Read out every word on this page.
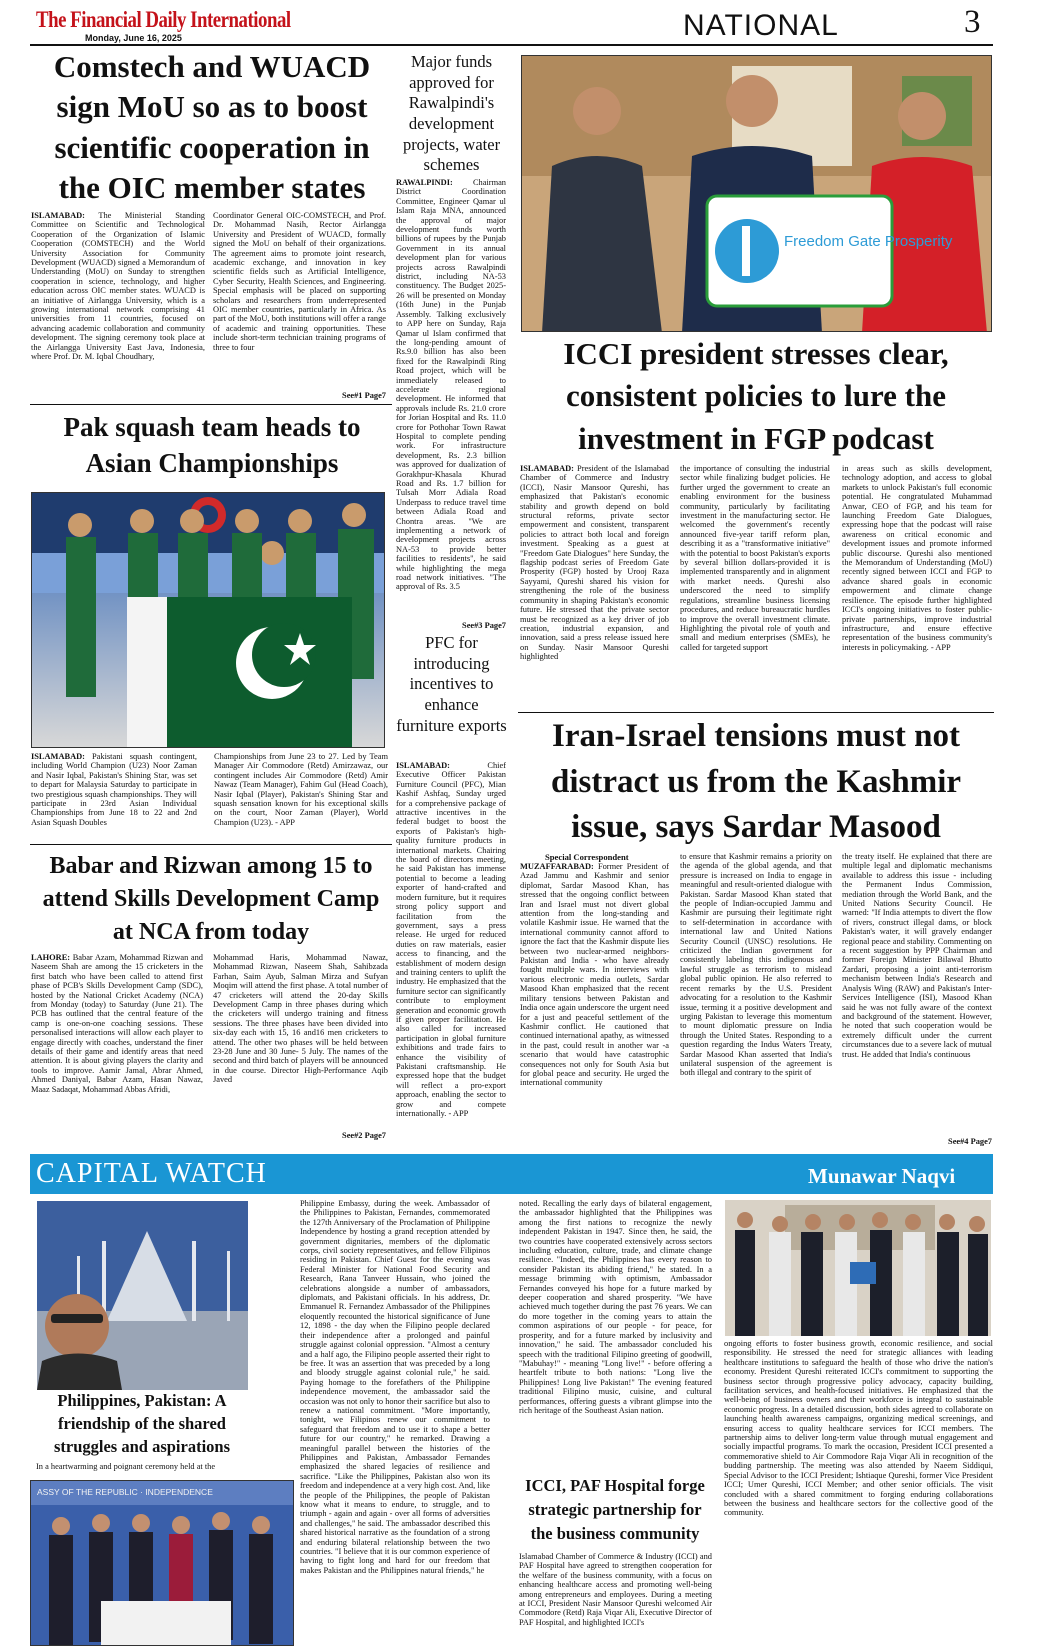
The Financial Daily International
Monday, June 16, 2025	NATIONAL	3
Comstech and WUACD sign MoU so as to boost scientific cooperation in the OIC member states
ISLAMABAD: The Ministerial Standing Committee on Scientific and Technological Cooperation of the Organization of Islamic Cooperation (COMSTECH) and the World University Association for Community Development (WUACD) signed a Memorandum of Understanding (MoU) on Sunday to strengthen cooperation in science, technology, and higher education across OIC member states. WUACD is an initiative of Airlangga University, which is a growing international network comprising 41 universities from 11 countries, focused on advancing academic collaboration and community development. The signing ceremony took place at the Airlangga University East Java, Indonesia, where Prof. Dr. M. Iqbal Choudhary,
Coordinator General OIC-COMSTECH, and Prof. Dr. Mohammad Nasih, Rector Airlangga University and President of WUACD, formally signed the MoU on behalf of their organizations. The agreement aims to promote joint research, academic exchange, and innovation in key scientific fields such as Artificial Intelligence, Cyber Security, Health Sciences, and Engineering. Special emphasis will be placed on supporting scholars and researchers from underrepresented OIC member countries, particularly in Africa. As part of the MoU, both institutions will offer a range of academic and training opportunities. These include short-term technician training programs of three to four
See#1 Page7
Pak squash team heads to Asian Championships
ISLAMABAD: Pakistani squash contingent, including World Champion (U23) Noor Zaman and Nasir Iqbal, Pakistan's Shining Star, was set to depart for Malaysia Saturday to participate in two prestigious squash championships. They will participate in 23rd Asian Individual Championships from June 18 to 22 and 2nd Asian Squash Doubles
Championships from June 23 to 27. Led by Team Manager Air Commodore (Retd) Amirzawaz, our contingent includes Air Commodore (Retd) Amir Nawaz (Team Manager), Fahim Gul (Head Coach), Nasir Iqbal (Player), Pakistan's Shining Star and squash sensation known for his exceptional skills on the court, Noor Zaman (Player), World Champion (U23). - APP
Babar and Rizwan among 15 to attend Skills Development Camp at NCA from today
LAHORE: Babar Azam, Mohammad Rizwan and Naseem Shah are among the 15 cricketers in the first batch who have been called to attend first phase of PCB's Skills Development Camp (SDC), hosted by the National Cricket Academy (NCA) from Monday (today) to Saturday (June 21). The PCB has outlined that the central feature of the camp is one-on-one coaching sessions. These personalised interactions will allow each player to engage directly with coaches, understand the finer details of their game and identify areas that need attention. It is about giving players the clarity and tools to improve. Aamir Jamal, Abrar Ahmed, Ahmed Daniyal, Babar Azam, Hasan Nawaz, Maaz Sadaqat, Mohammad Abbas Afridi,
Mohammad Haris, Mohammad Nawaz, Mohammad Rizwan, Naseem Shah, Sahibzada Farhan, Saim Ayub, Salman Mirza and Sufyan Moqim will attend the first phase. A total number of 47 cricketers will attend the 20-day Skills Development Camp in three phases during which the cricketers will undergo training and fitness sessions. The three phases have been divided into six-day each with 15, 16 and16 men cricketers to attend. The other two phases will be held between 23-28 June and 30 June- 5 July. The names of the second and third batch of players will be announced in due course. Director High-Performance Aqib Javed
See#2 Page7
Major funds approved for Rawalpindi's development projects, water schemes
RAWALPINDI: Chairman District Coordination Committee, Engineer Qamar ul Islam Raja MNA, announced the approval of major development funds worth billions of rupees by the Punjab Government in its annual development plan for various projects across Rawalpindi district, including NA-53 constituency. The Budget 2025-26 will be presented on Monday (16th June) in the Punjab Assembly. Talking exclusively to APP here on Sunday, Raja Qamar ul Islam confirmed that the long-pending amount of Rs.9.0 billion has also been fixed for the Rawalpindi Ring Road project, which will be immediately released to accelerate regional development. He informed that approvals include Rs. 21.0 crore for Jorian Hospital and Rs. 11.0 crore for Pothohar Town Rawat Hospital to complete pending work. For infrastructure development, Rs. 2.3 billion was approved for dualization of Gorakhpur-Khasala Khurad Road and Rs. 1.7 billion for Tulsah Morr Adiala Road Underpass to reduce travel time between Adiala Road and Chontra areas. "We are implementing a network of development projects across NA-53 to provide better facilities to residents", he said while highlighting the mega road network initiatives. "The approval of Rs. 3.5
See#3 Page7
PFC for introducing incentives to enhance furniture exports
ISLAMABAD: Chief Executive Officer Pakistan Furniture Council (PFC), Mian Kashif Ashfaq, Sunday urged for a comprehensive package of attractive incentives in the federal budget to boost the exports of Pakistan's high-quality furniture products in international markets. Chairing the board of directors meeting, he said Pakistan has immense potential to become a leading exporter of hand-crafted and modern furniture, but it requires strong policy support and facilitation from the government, says a press release. He urged for reduced duties on raw materials, easier access to financing, and the establishment of modern design and training centers to uplift the industry. He emphasized that the furniture sector can significantly contribute to employment generation and economic growth if given proper facilitation. He also called for increased participation in global furniture exhibitions and trade fairs to enhance the visibility of Pakistani craftsmanship. He expressed hope that the budget will reflect a pro-export approach, enabling the sector to grow and compete internationally. - APP
Freedom Gate Prosperity
ICCI president stresses clear, consistent policies to lure the investment in FGP podcast
ISLAMABAD: President of the Islamabad Chamber of Commerce and Industry (ICCI), Nasir Mansoor Qureshi, has emphasized that Pakistan's economic stability and growth depend on bold structural reforms, private sector empowerment and consistent, transparent policies to attract both local and foreign investment. Speaking as a guest at "Freedom Gate Dialogues" here Sunday, the flagship podcast series of Freedom Gate Prosperity (FGP) hosted by Urooj Raza Sayyami, Qureshi shared his vision for strengthening the role of the business community in shaping Pakistan's economic future. He stressed that the private sector must be recognized as a key driver of job creation, industrial expansion, and innovation, said a press release issued here on Sunday. Nasir Mansoor Qureshi highlighted
the importance of consulting the industrial sector while finalizing budget policies. He further urged the government to create an enabling environment for the business community, particularly by facilitating investment in the manufacturing sector. He welcomed the government's recently announced five-year tariff reform plan, describing it as a "transformative initiative" with the potential to boost Pakistan's exports by several billion dollars-provided it is implemented transparently and in alignment with market needs. Qureshi also underscored the need to simplify regulations, streamline business licensing procedures, and reduce bureaucratic hurdles to improve the overall investment climate. Highlighting the pivotal role of youth and small and medium enterprises (SMEs), he called for targeted support
in areas such as skills development, technology adoption, and access to global markets to unlock Pakistan's full economic potential. He congratulated Muhammad Anwar, CEO of FGP, and his team for launching Freedom Gate Dialogues, expressing hope that the podcast will raise awareness on critical economic and development issues and promote informed public discourse. Qureshi also mentioned the Memorandum of Understanding (MoU) recently signed between ICCI and FGP to advance shared goals in economic empowerment and climate change resilience. The episode further highlighted ICCI's ongoing initiatives to foster public-private partnerships, improve industrial infrastructure, and ensure effective representation of the business community's interests in policymaking. - APP
Iran-Israel tensions must not distract us from the Kashmir issue, says Sardar Masood
Special Correspondent
MUZAFFARABAD: Former President of Azad Jammu and Kashmir and senior diplomat, Sardar Masood Khan, has stressed that the ongoing conflict between Iran and Israel must not divert global attention from the long-standing and volatile Kashmir issue. He warned that the international community cannot afford to ignore the fact that the Kashmir dispute lies between two nuclear-armed neighbors- Pakistan and India - who have already fought multiple wars. In interviews with various electronic media outlets, Sardar Masood Khan emphasized that the recent military tensions between Pakistan and India once again underscore the urgent need for a just and peaceful settlement of the Kashmir conflict. He cautioned that continued international apathy, as witnessed in the past, could result in another war -a scenario that would have catastrophic consequences not only for South Asia but for global peace and security. He urged the international community
to ensure that Kashmir remains a priority on the agenda of the global agenda, and that pressure is increased on India to engage in meaningful and result-oriented dialogue with Pakistan. Sardar Masood Khan stated that the people of Indian-occupied Jammu and Kashmir are pursuing their legitimate right to self-determination in accordance with international law and United Nations Security Council (UNSC) resolutions. He criticized the Indian government for consistently labeling this indigenous and lawful struggle as terrorism to mislead global public opinion. He also referred to recent remarks by the U.S. President advocating for a resolution to the Kashmir issue, terming it a positive development and urging Pakistan to leverage this momentum to mount diplomatic pressure on India through the United States. Responding to a question regarding the Indus Waters Treaty, Sardar Masood Khan asserted that India's unilateral suspension of the agreement is both illegal and contrary to the spirit of
the treaty itself. He explained that there are multiple legal and diplomatic mechanisms available to address this issue - including the Permanent Indus Commission, mediation through the World Bank, and the United Nations Security Council. He warned: "If India attempts to divert the flow of rivers, construct illegal dams, or block Pakistan's water, it will gravely endanger regional peace and stability. Commenting on a recent suggestion by PPP Chairman and former Foreign Minister Bilawal Bhutto Zardari, proposing a joint anti-terrorism mechanism between India's Research and Analysis Wing (RAW) and Pakistan's Inter-Services Intelligence (ISI), Masood Khan said he was not fully aware of the context and background of the statement. However, he noted that such cooperation would be extremely difficult under the current circumstances due to a severe lack of mutual trust. He added that India's continuous
See#4 Page7
CAPITAL WATCH	Munawar Naqvi
Philippines, Pakistan: A friendship of the shared struggles and aspirations
In a heartwarming and poignant ceremony held at the
ASSY OF THE REPUBLIC · INDEPENDENCE
Philippine Embassy, during the week. Ambassador of the Philippines to Pakistan, Fernandes, commemorated the 127th Anniversary of the Proclamation of Philippine Independence by hosting a grand reception attended by government dignitaries, members of the diplomatic corps, civil society representatives, and fellow Filipinos residing in Pakistan. Chief Guest for the evening was Federal Minister for National Food Security and Research, Rana Tanveer Hussain, who joined the celebrations alongside a number of ambassadors, diplomats, and Pakistani officials. In his address, Dr. Emmanuel R. Fernandez Ambassador of the Philippines eloquently recounted the historical significance of June 12, 1898 - the day when the Filipino people declared their independence after a prolonged and painful struggle against colonial oppression. "Almost a century and a half ago, the Filipino people asserted their right to be free. It was an assertion that was preceded by a long and bloody struggle against colonial rule," he said. Paying homage to the forefathers of the Philippine independence movement, the ambassador said the occasion was not only to honor their sacrifice but also to renew a national commitment. "More importantly, tonight, we Filipinos renew our commitment to safeguard that freedom and to use it to shape a better future for our country," he remarked. Drawing a meaningful parallel between the histories of the Philippines and Pakistan, Ambassador Fernandes emphasized the shared legacies of resilience and sacrifice. "Like the Philippines, Pakistan also won its freedom and independence at a very high cost. And, like the people of the Philippines, the people of Pakistan know what it means to endure, to struggle, and to triumph - again and again - over all forms of adversities and challenges," he said. The ambassador described this shared historical narrative as the foundation of a strong and enduring bilateral relationship between the two countries. "I believe that it is our common experience of having to fight long and hard for our freedom that makes Pakistan and the Philippines natural friends," he
noted. Recalling the early days of bilateral engagement, the ambassador highlighted that the Philippines was among the first nations to recognize the newly independent Pakistan in 1947. Since then, he said, the two countries have cooperated extensively across sectors including education, culture, trade, and climate change resilience. "Indeed, the Philippines has every reason to consider Pakistan its abiding friend," he stated. In a message brimming with optimism, Ambassador Fernandes conveyed his hope for a future marked by deeper cooperation and shared prosperity. "We have achieved much together during the past 76 years. We can do more together in the coming years to attain the common aspirations of our people - for peace, for prosperity, and for a future marked by inclusivity and innovation," he said. The ambassador concluded his speech with the traditional Filipino greeting of goodwill, "Mabuhay!" - meaning "Long live!" - before offering a heartfelt tribute to both nations: "Long live the Philippines! Long live Pakistan!" The evening featured traditional Filipino music, cuisine, and cultural performances, offering guests a vibrant glimpse into the rich heritage of the Southeast Asian nation.
ICCI, PAF Hospital forge strategic partnership for the business community
Islamabad Chamber of Commerce & Industry (ICCI) and PAF Hospital have agreed to strengthen cooperation for the welfare of the business community, with a focus on enhancing healthcare access and promoting well-being among entrepreneurs and employees. During a meeting at ICCI, President Nasir Mansoor Qureshi welcomed Air Commodore (Retd) Raja Viqar Ali, Executive Director of PAF Hospital, and highlighted ICCI's
ongoing efforts to foster business growth, economic resilience, and social responsibility. He stressed the need for strategic alliances with leading healthcare institutions to safeguard the health of those who drive the nation's economy. President Qureshi reiterated ICCI's commitment to supporting the business sector through progressive policy advocacy, capacity building, facilitation services, and health-focused initiatives. He emphasized that the well-being of business owners and their workforce is integral to sustainable economic progress. In a detailed discussion, both sides agreed to collaborate on launching health awareness campaigns, organizing medical screenings, and ensuring access to quality healthcare services for ICCI members. The partnership aims to deliver long-term value through mutual engagement and socially impactful programs. To mark the occasion, President ICCI presented a commemorative shield to Air Commodore Raja Viqar Ali in recognition of the budding partnership. The meeting was also attended by Naeem Siddiqui, Special Advisor to the ICCI President; Ishtiaque Qureshi, former Vice President ICCI; Umer Qureshi, ICCI Member; and other senior officials. The visit concluded with a shared commitment to forging enduring collaborations between the business and healthcare sectors for the collective good of the community.
